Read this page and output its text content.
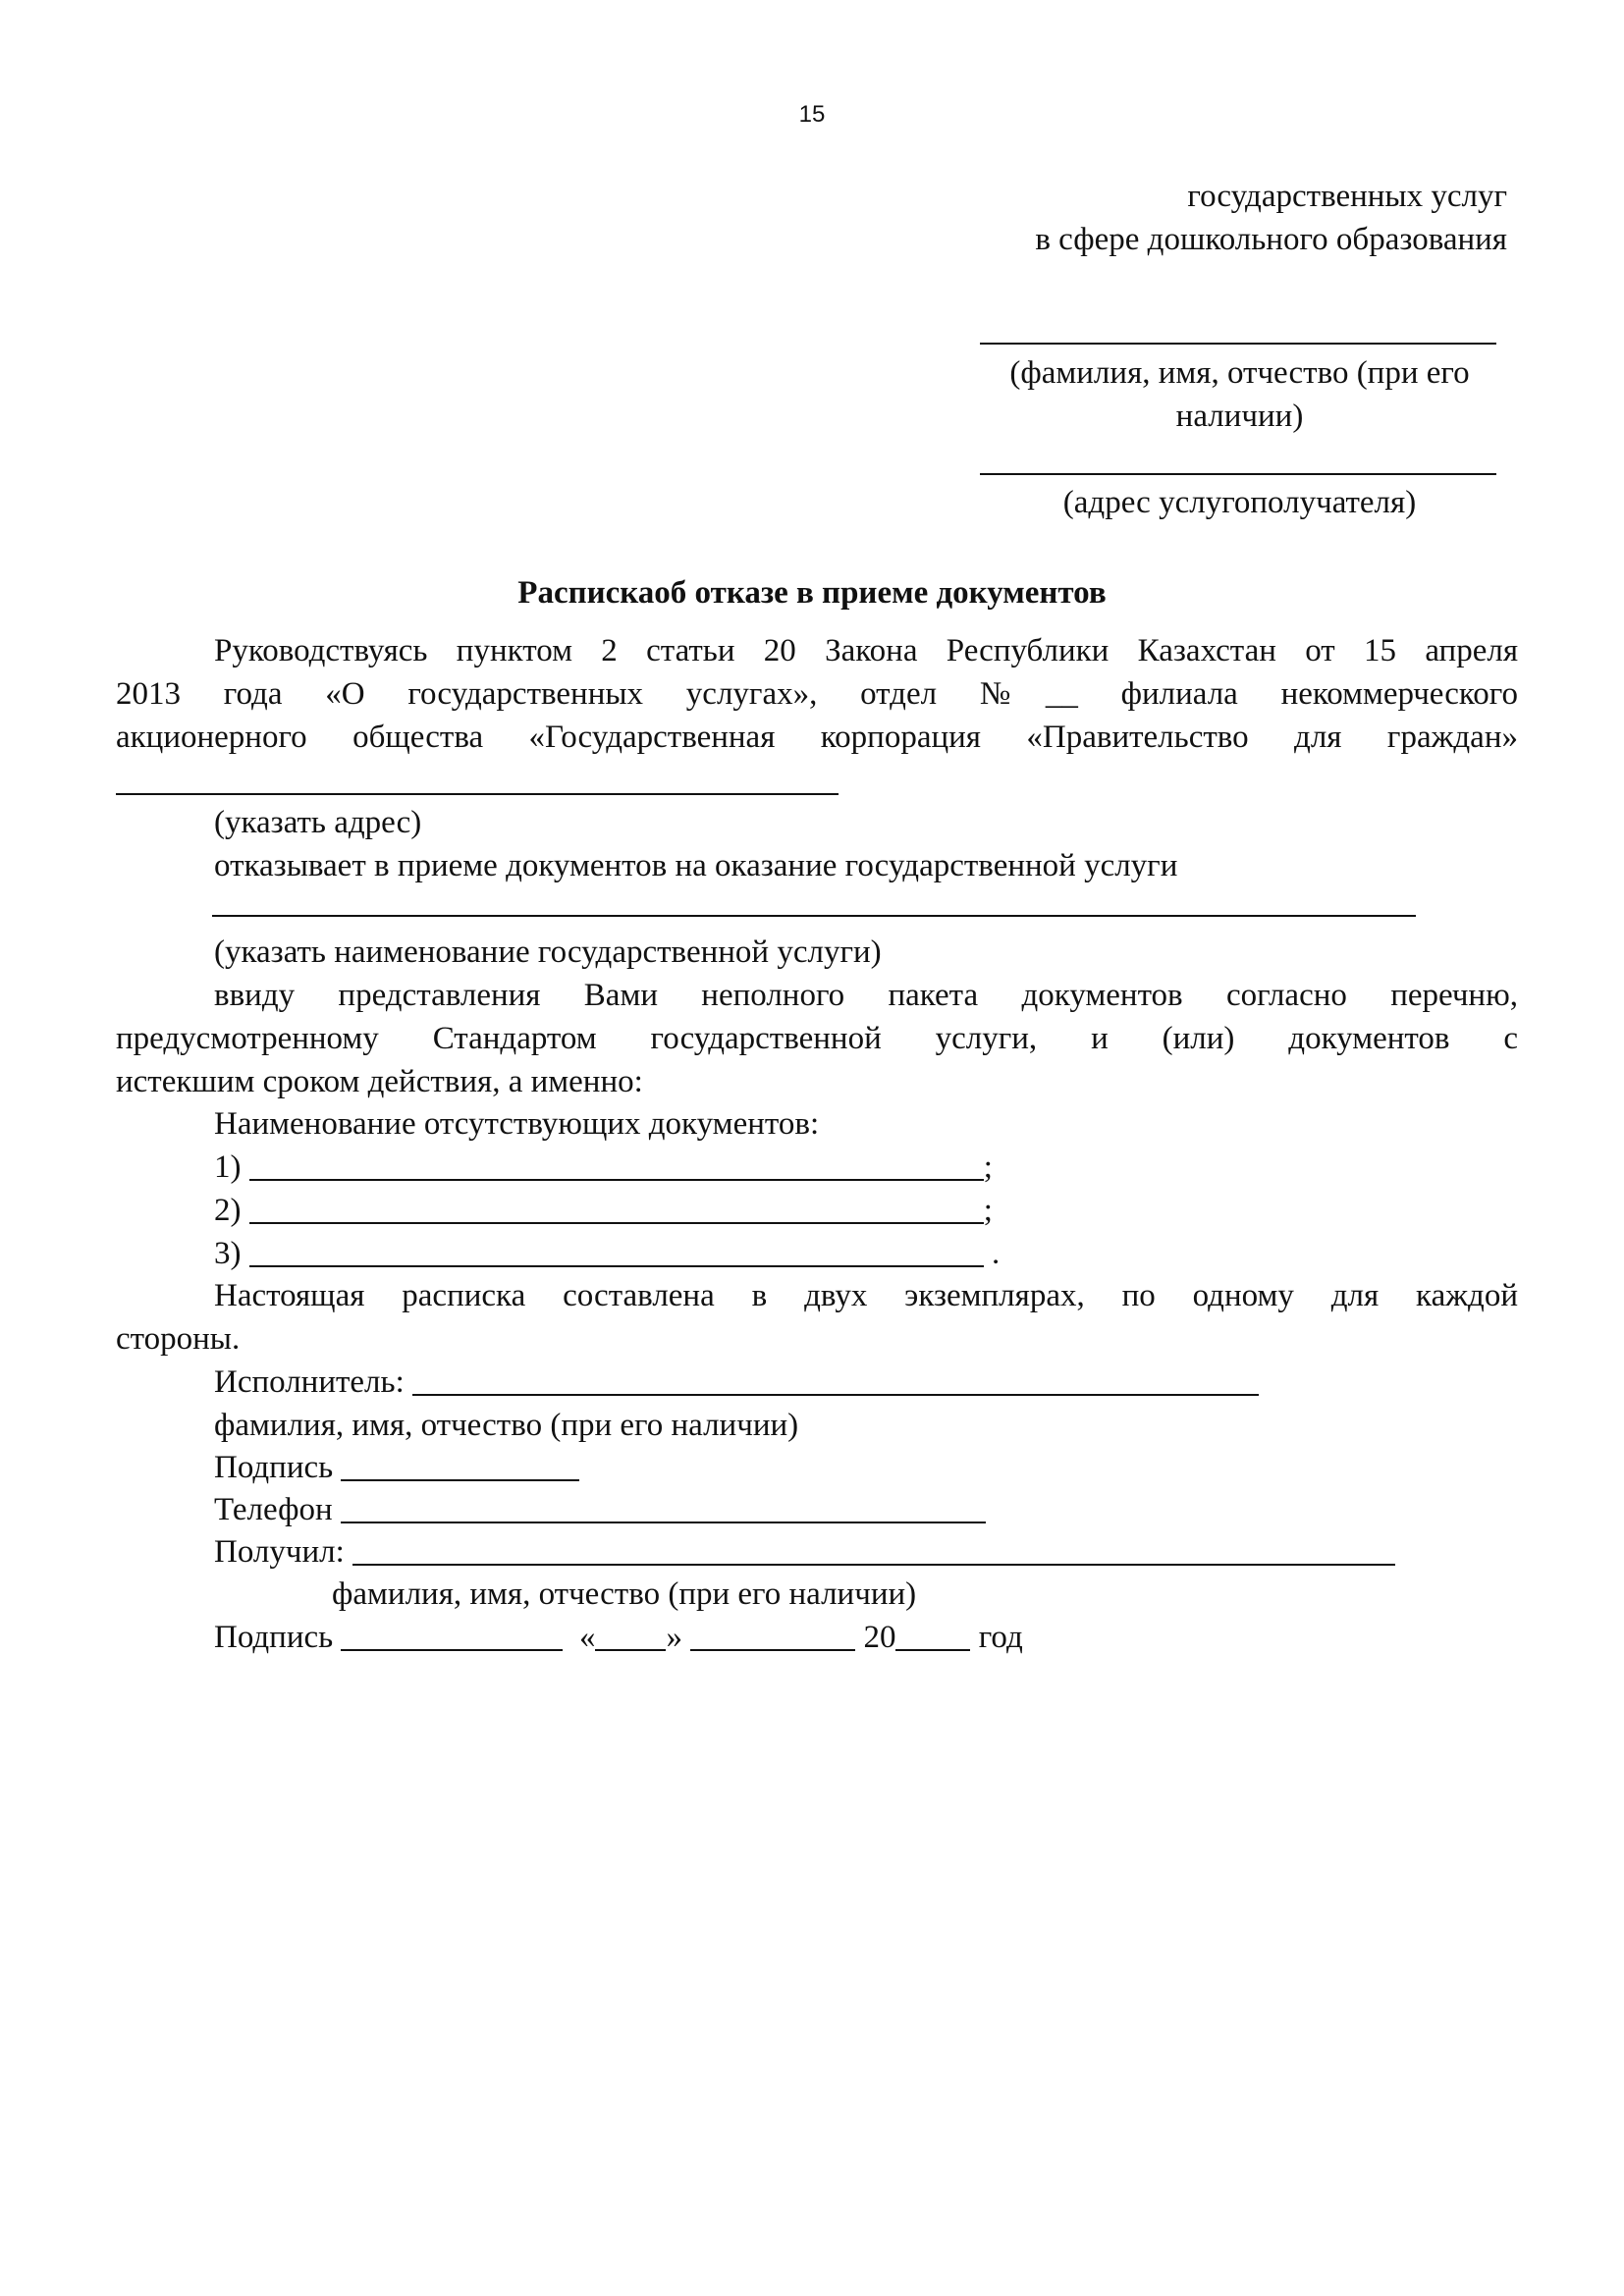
15
государственных услуг
в сфере дошкольного образования
(фамилия, имя, отчество (при его
наличии)
(адрес услугополучателя)
Распискаоб отказе в приеме документов
Руководствуясь пунктом 2 статьи 20 Закона Республики Казахстан от 15 апреля
2013 года «О государственных услугах», отдел №__ филиала некоммерческого
акционерного общества «Государственная корпорация «Правительство для граждан»
(указать адрес)
отказывает в приеме документов на оказание государственной услуги
(указать наименование государственной услуги)
ввиду представления Вами неполного пакета документов согласно перечню,
предусмотренному Стандартом государственной услуги, и (или) документов с
истекшим сроком действия, а именно:
Наименование отсутствующих документов:
1)	;
2)	;
3)	.
Настоящая расписка составлена в двух экземплярах, по одному для каждой
стороны.
Исполнитель:
фамилия, имя, отчество (при его наличии)
Подпись
Телефон
Получил:
фамилия, имя, отчество (при его наличии)
Подпись	« »	20	год
